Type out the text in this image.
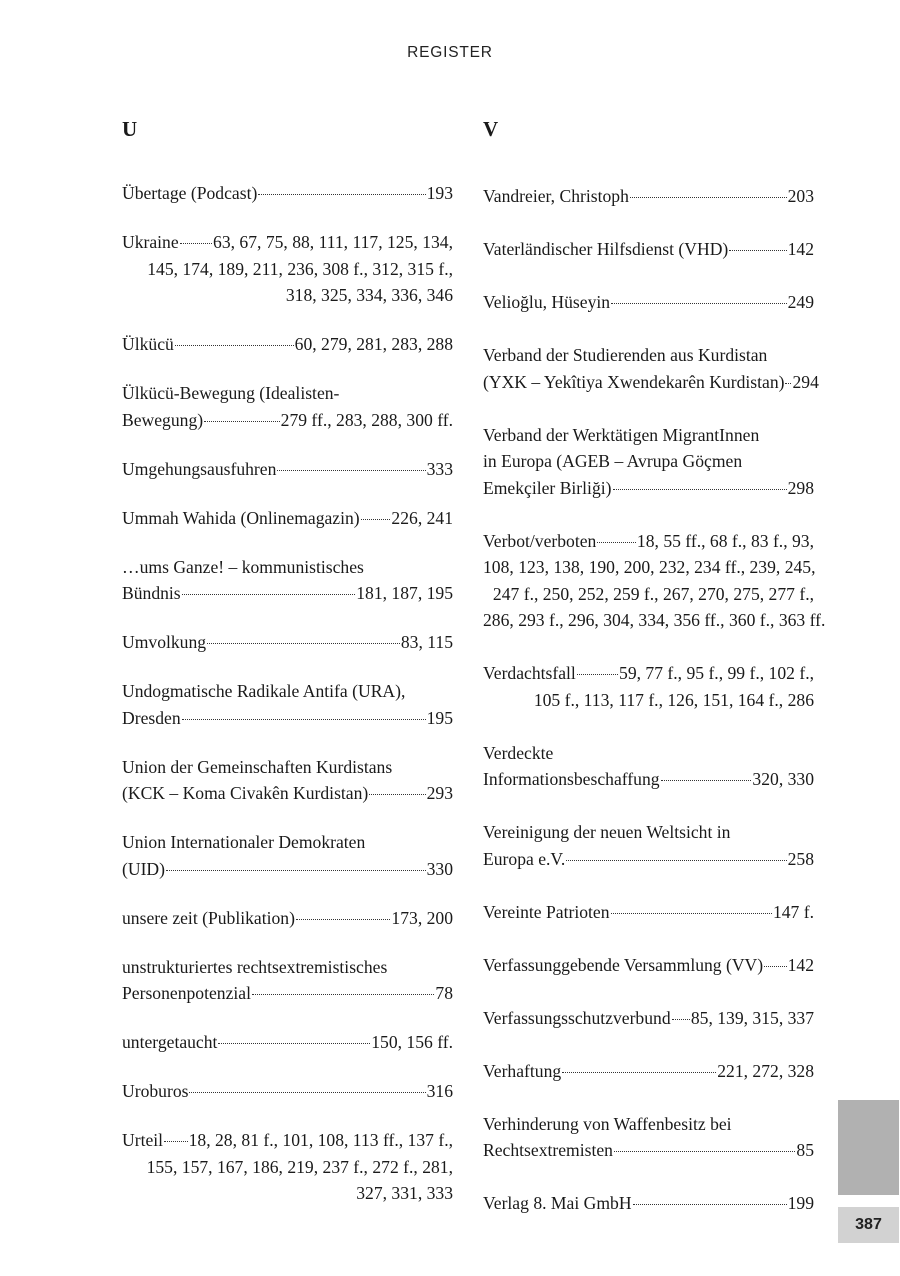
REGISTER
U
Übertage (Podcast)	193
Ukraine 63, 67, 75, 88, 111, 117, 125, 134,
145, 174, 189, 211, 236, 308 f., 312, 315 f.,
318, 325, 334, 336, 346
Ülkücü	60, 279, 281, 283, 288
Ülkücü-Bewegung (Idealisten-
Bewegung)	279 ff., 283, 288, 300 ff.
Umgehungsausfuhren	333
Ummah Wahida (Onlinemagazin) 226, 241
…ums Ganze! – kommunistisches
Bündnis	181, 187, 195
Umvolkung	83, 115
Undogmatische Radikale Antifa (URA),
Dresden	195
Union der Gemeinschaften Kurdistans
(KCK – Koma Civakên Kurdistan)	293
Union Internationaler Demokraten
(UID)	330
unsere zeit (Publikation)	173, 200
unstrukturiertes rechtsextremistisches
Personenpotenzial	78
untergetaucht	150, 156 ff.
Uroburos	316
Urteil 18, 28, 81 f., 101, 108, 113 ff., 137 f.,
155, 157, 167, 186, 219, 237 f., 272 f., 281,
327, 331, 333
V
Vandreier, Christoph	203
Vaterländischer Hilfsdienst (VHD)	142
Velioğlu, Hüseyin	249
Verband der Studierenden aus Kurdistan
(YXK – Yekîtiya Xwendekarên Kurdistan) 294
Verband der Werktätigen MigrantInnen
in Europa (AGEB – Avrupa Göçmen
Emekçiler Birliği)	298
Verbot/verboten 18, 55 ff., 68 f., 83 f., 93,
108, 123, 138, 190, 200, 232, 234 ff., 239, 245,
247 f., 250, 252, 259 f., 267, 270, 275, 277 f.,
286, 293 f., 296, 304, 334, 356 ff., 360 f., 363 ff.
Verdachtsfall 59, 77 f., 95 f., 99 f., 102 f.,
105 f., 113, 117 f., 126, 151, 164 f., 286
Verdeckte
Informationsbeschaffung	320, 330
Vereinigung der neuen Weltsicht in
Europa e.V.	258
Vereinte Patrioten	147 f.
Verfassunggebende Versammlung (VV) 142
Verfassungsschutzverbund 85, 139, 315, 337
Verhaftung	221, 272, 328
Verhinderung von Waffenbesitz bei
Rechtsextremisten	85
Verlag 8. Mai GmbH	199
387
